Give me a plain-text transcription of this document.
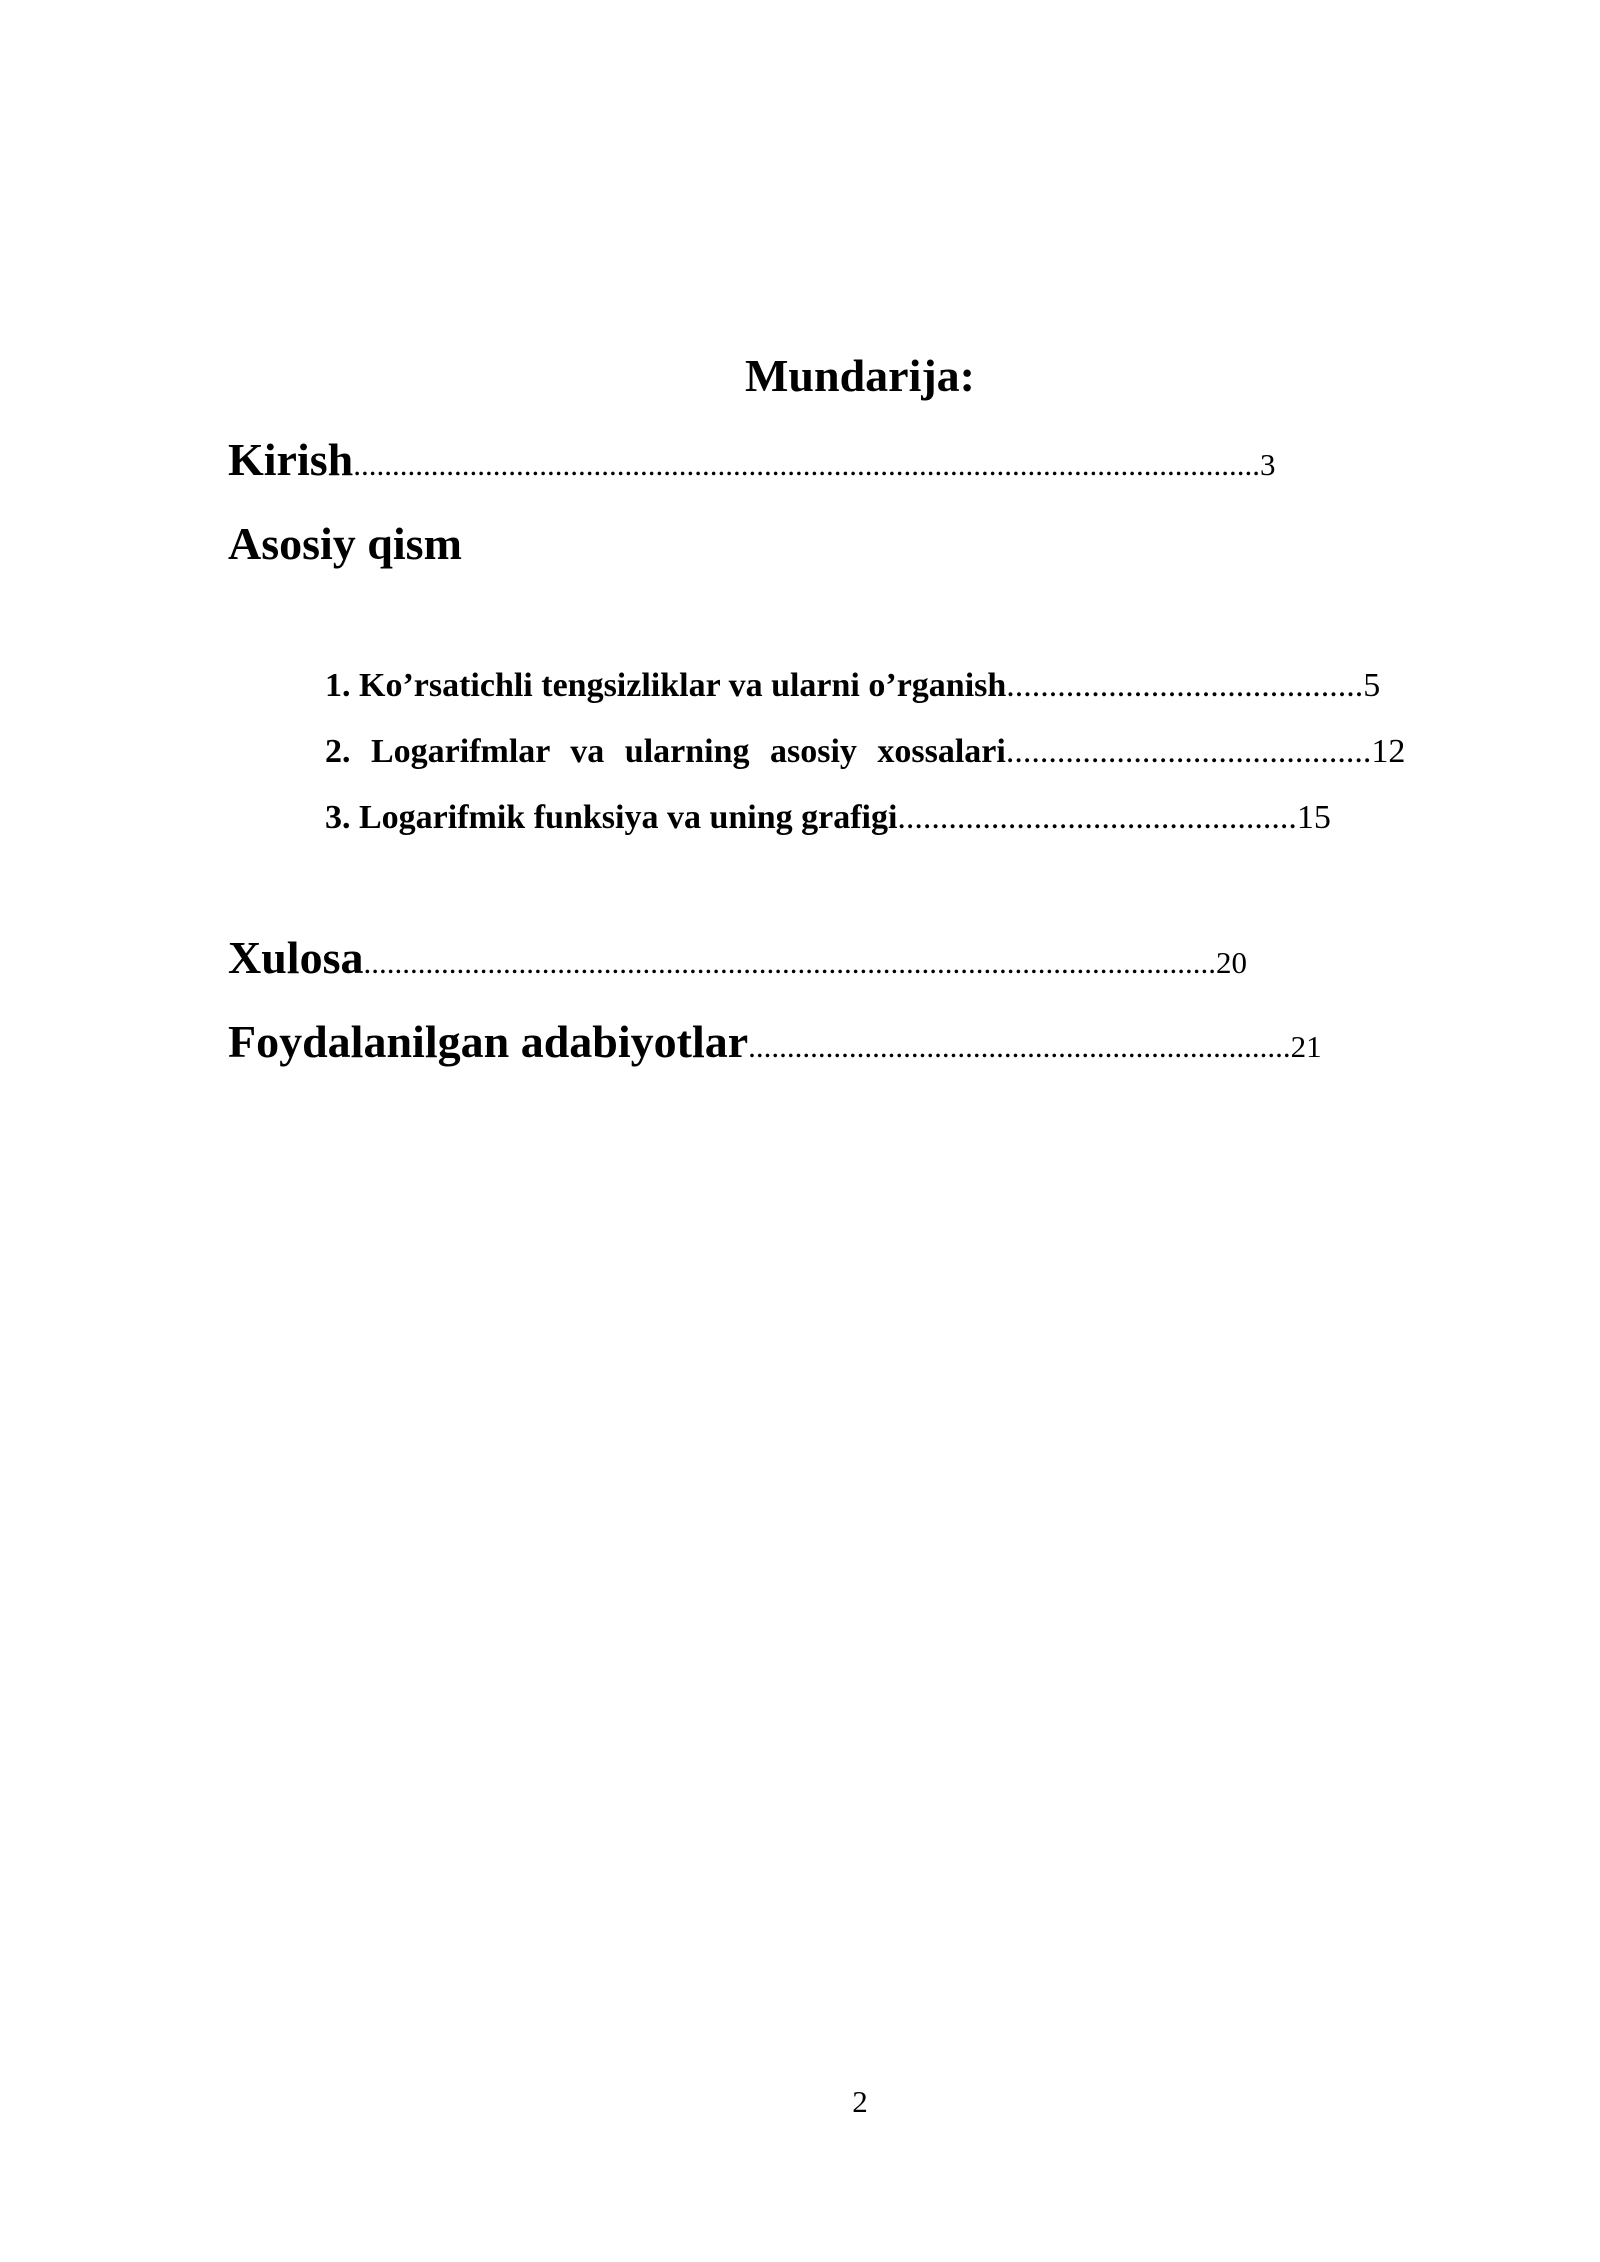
Mundarija:
Kirish.....................................................................................................................3
Asosiy qism
1. Ko’rsatichli tengsizliklar va ularni o’rganish..........................................5
2. Logarifmlar va ularning asosiy xossalari...........................................12
3. Logarifmik funksiya va uning grafigi...............................................15
Xulosa..............................................................................................................20
Foydalanilgan adabiyotlar......................................................................21
2
